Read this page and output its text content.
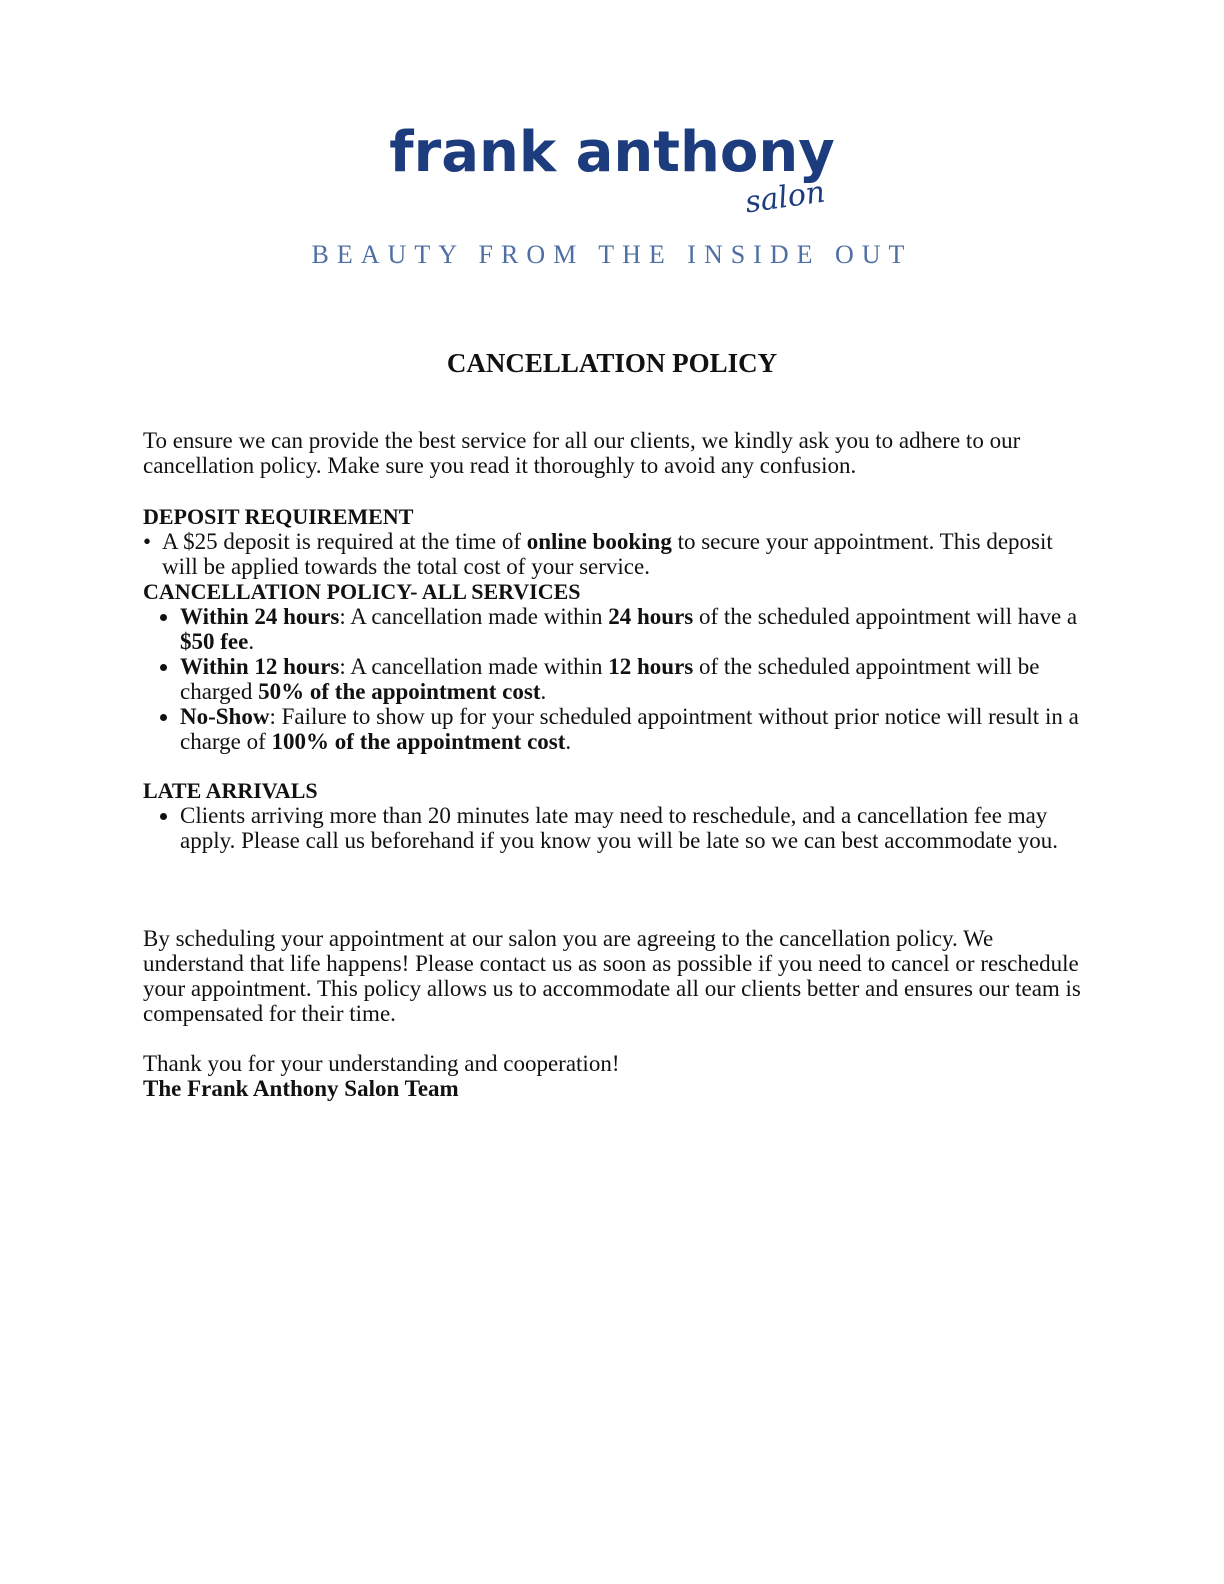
frank anthony
salon
BEAUTY FROM THE INSIDE OUT
CANCELLATION POLICY

To ensure we can provide the best service for all our clients, we kindly ask you to adhere to our cancellation policy. Make sure you read it thoroughly to avoid any confusion.

DEPOSIT REQUIREMENT

• A $25 deposit is required at the time of online booking to secure your appointment. This deposit will be applied towards the total cost of your service.

CANCELLATION POLICY- ALL SERVICES

• Within 24 hours: A cancellation made within 24 hours of the scheduled appointment will have a $50 fee.
• Within 12 hours: A cancellation made within 12 hours of the scheduled appointment will be charged 50% of the appointment cost.
• No-Show: Failure to show up for your scheduled appointment without prior notice will result in a charge of 100% of the appointment cost.

LATE ARRIVALS

• Clients arriving more than 20 minutes late may need to reschedule, and a cancellation fee may apply. Please call us beforehand if you know you will be late so we can best accommodate you.

By scheduling your appointment at our salon you are agreeing to the cancellation policy. We understand that life happens! Please contact us as soon as possible if you need to cancel or reschedule your appointment. This policy allows us to accommodate all our clients better and ensures our team is compensated for their time.

Thank you for your understanding and cooperation!

The Frank Anthony Salon Team
